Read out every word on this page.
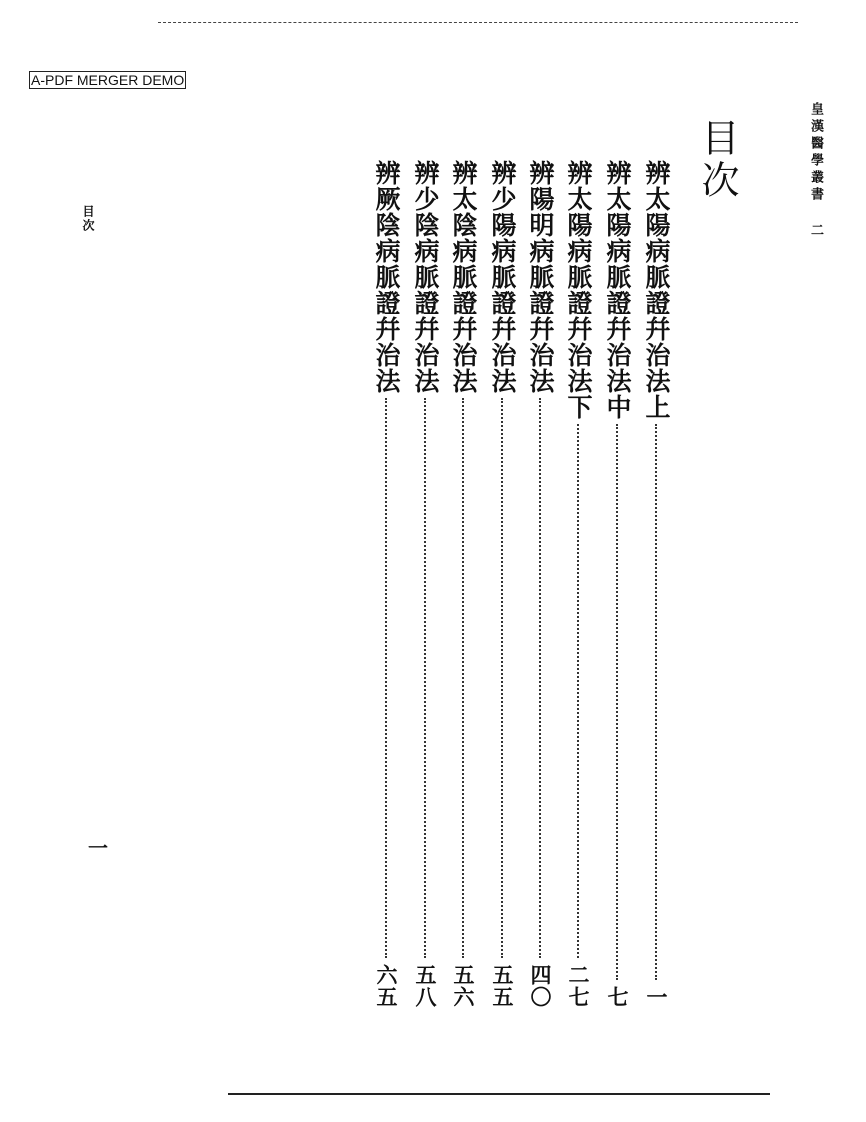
A-PDF MERGER DEMO
皇漢醫學叢書 二
目次
辨太陽病脈證幷治法上
一
辨太陽病脈證幷治法中
七
辨太陽病脈證幷治法下
二七
辨陽明病脈證幷治法
四〇
辨少陽病脈證幷治法
五五
辨太陰病脈證幷治法
五六
辨少陰病脈證幷治法
五八
辨厥陰病脈證幷治法
六五
目次
一
